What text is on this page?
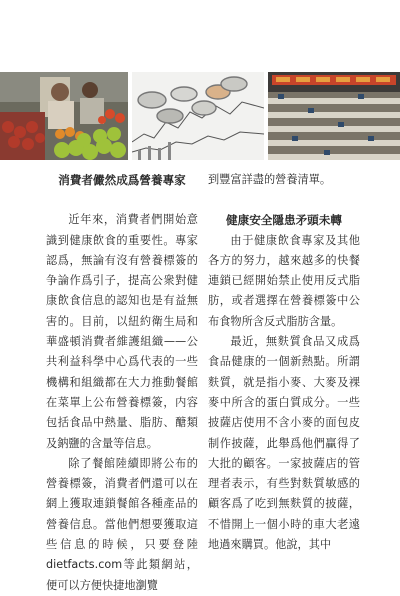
消費者儼然成爲營養專家

近年來，消費者們開始意識到健康飲食的重要性。專家認爲，無論有沒有營養標簽的争論作爲引子，提高公衆對健康飲食信息的認知也是有益無害的。目前，以紐約衛生局和華盛頓消費者維護組織——公共利益科學中心爲代表的一些機構和組織都在大力推動餐館在菜單上公布營養標簽，内容包括食品中熱量、脂肪、醣類及鈉鹽的含量等信息。

除了餐館陸續即將公布的營養標簽，消費者們還可以在網上獲取連鎖餐館各種產品的營養信息。當他們想要獲取這些信息的時候，只要登陸dietfacts.com等此類網站，便可以方便快捷地瀏覽

到豐富詳盡的營養清單。

健康安全隱患矛頭未轉

由于健康飲食專家及其他各方的努力，越來越多的快餐連鎖已經開始禁止使用反式脂肪，或者選擇在營養標簽中公布食物所含反式脂肪含量。

最近，無麩質食品又成爲食品健康的一個新熱點。所謂麩質，就是指小麥、大麥及裸麥中所含的蛋白質成分。一些披薩店使用不含小麥的面包皮制作披薩，此舉爲他們贏得了大批的顧客。一家披薩店的管理者表示，有些對麩質敏感的顧客爲了吃到無麩質的披薩，不惜開上一個小時的車大老遠地過來購買。他說，其中
